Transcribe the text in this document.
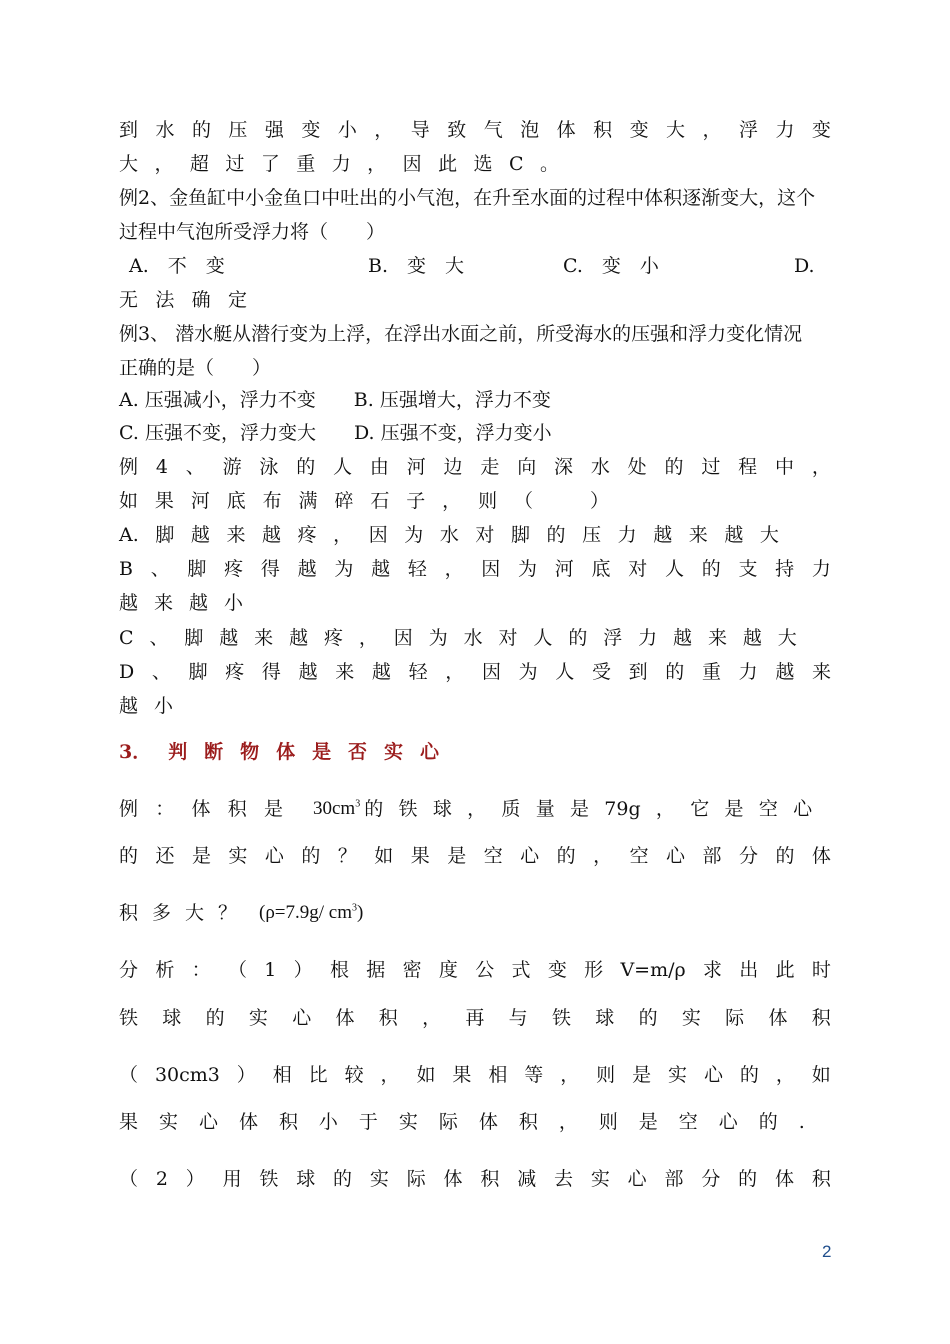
到 水 的 压 强 变 小 ， 导 致 气 泡 体 积 变 大 ， 浮 力 变
大 ， 超 过 了 重 力 ， 因 此 选 C 。
例2、金鱼缸中小金鱼口中吐出的小气泡，在升至水面的过程中体积逐渐变大，这个
过程中气泡所受浮力将（　　）
A.　不　变	B.　变　大	C.　变　小	D.
无 法 确 定
例3、 潜水艇从潜行变为上浮，在浮出水面之前，所受海水的压强和浮力变化情况
正确的是（　　）
A. 压强减小，浮力不变　　B. 压强增大，浮力不变
C. 压强不变，浮力变大　　D. 压强不变，浮力变小
例 4 、 游 泳 的 人 由 河 边 走 向 深 水 处 的 过 程 中 ，
如 果 河 底 布 满 碎 石 子 ， 则 （　　　）
A. 脚 越 来 越 疼 ， 因 为 水 对 脚 的 压 力 越 来 越 大
B 、 脚 疼 得 越 为 越 轻 ， 因 为 河 底 对 人 的 支 持 力
越 来 越 小
C 、 脚 越 来 越 疼 ， 因 为 水 对 人 的 浮 力 越 来 越 大
D 、 脚 疼 得 越 来 越 轻 ， 因 为 人 受 到 的 重 力 越 来
越 小
3． 判 断 物 体 是 否 实 心
例 ： 体 积 是 $30cm^3$ 的 铁 球 ， 质 量 是 79g ， 它 是 空 心
的 还 是 实 心 的 ？ 如 果 是 空 心 的 ， 空 心 部 分 的 体
积 多 大 ？ (ρ=7.9g/ $cm^3$)
分 析 ： （ 1 ） 根 据 密 度 公 式 变 形 V=m/ρ 求 出 此 时
铁 球 的 实 心 体 积 ， 再 与 铁 球 的 实 际 体 积
（ 30cm3 ） 相 比 较 ， 如 果 相 等 ， 则 是 实 心 的 ， 如
果 实 心 体 积 小 于 实 际 体 积 ， 则 是 空 心 的 .
（ 2 ） 用 铁 球 的 实 际 体 积 减 去 实 心 部 分 的 体 积
2
